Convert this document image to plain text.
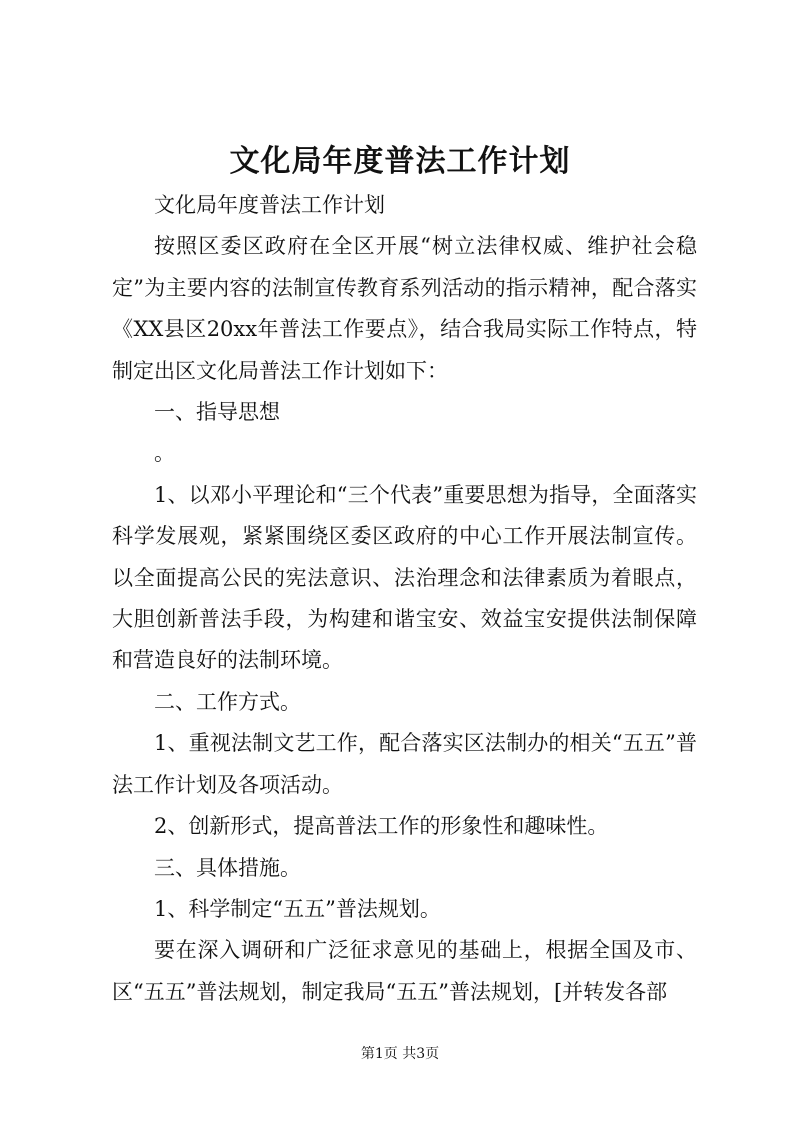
文化局年度普法工作计划

文化局年度普法工作计划

按照区委区政府在全区开展“树立法律权威、维护社会稳定”为主要内容的法制宣传教育系列活动的指示精神，配合落实《XX县区20xx年普法工作要点》，结合我局实际工作特点，特制定出区文化局普法工作计划如下：

一、指导思想

。

1、以邓小平理论和“三个代表”重要思想为指导，全面落实科学发展观，紧紧围绕区委区政府的中心工作开展法制宣传。以全面提高公民的宪法意识、法治理念和法律素质为着眼点，大胆创新普法手段，为构建和谐宝安、效益宝安提供法制保障和营造良好的法制环境。

二、工作方式。

1、重视法制文艺工作，配合落实区法制办的相关“五五”普法工作计划及各项活动。

2、创新形式，提高普法工作的形象性和趣味性。

三、具体措施。

1、科学制定“五五”普法规划。

要在深入调研和广泛征求意见的基础上，根据全国及市、区“五五”普法规划，制定我局“五五”普法规划，[并转发各部

第1页 共3页
